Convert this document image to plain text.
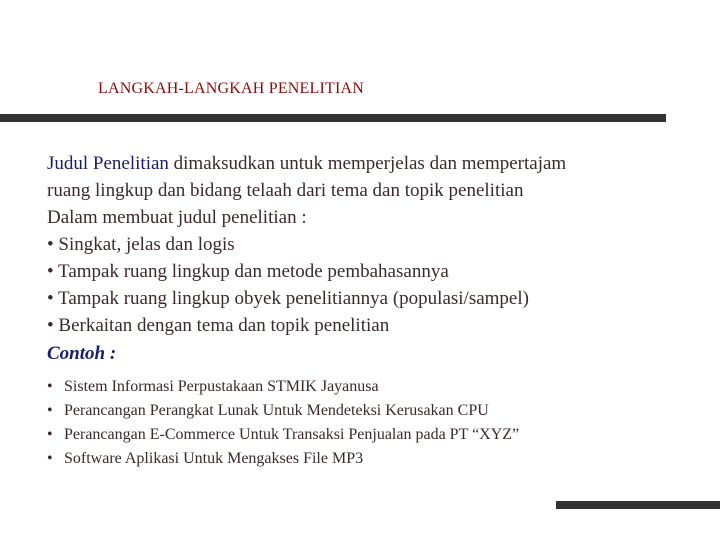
LANGKAH-LANGKAH PENELITIAN
Judul Penelitian dimaksudkan untuk memperjelas dan mempertajam
ruang lingkup dan bidang telaah dari tema dan topik penelitian
Dalam membuat judul penelitian :
• Singkat, jelas dan logis
• Tampak ruang lingkup dan metode pembahasannya
• Tampak ruang lingkup obyek penelitiannya (populasi/sampel)
• Berkaitan dengan tema dan topik penelitian
Contoh :
• Sistem Informasi Perpustakaan STMIK Jayanusa
• Perancangan Perangkat Lunak Untuk Mendeteksi Kerusakan CPU
• Perancangan E-Commerce Untuk Transaksi Penjualan pada PT “XYZ”
• Software Aplikasi Untuk Mengakses File MP3
